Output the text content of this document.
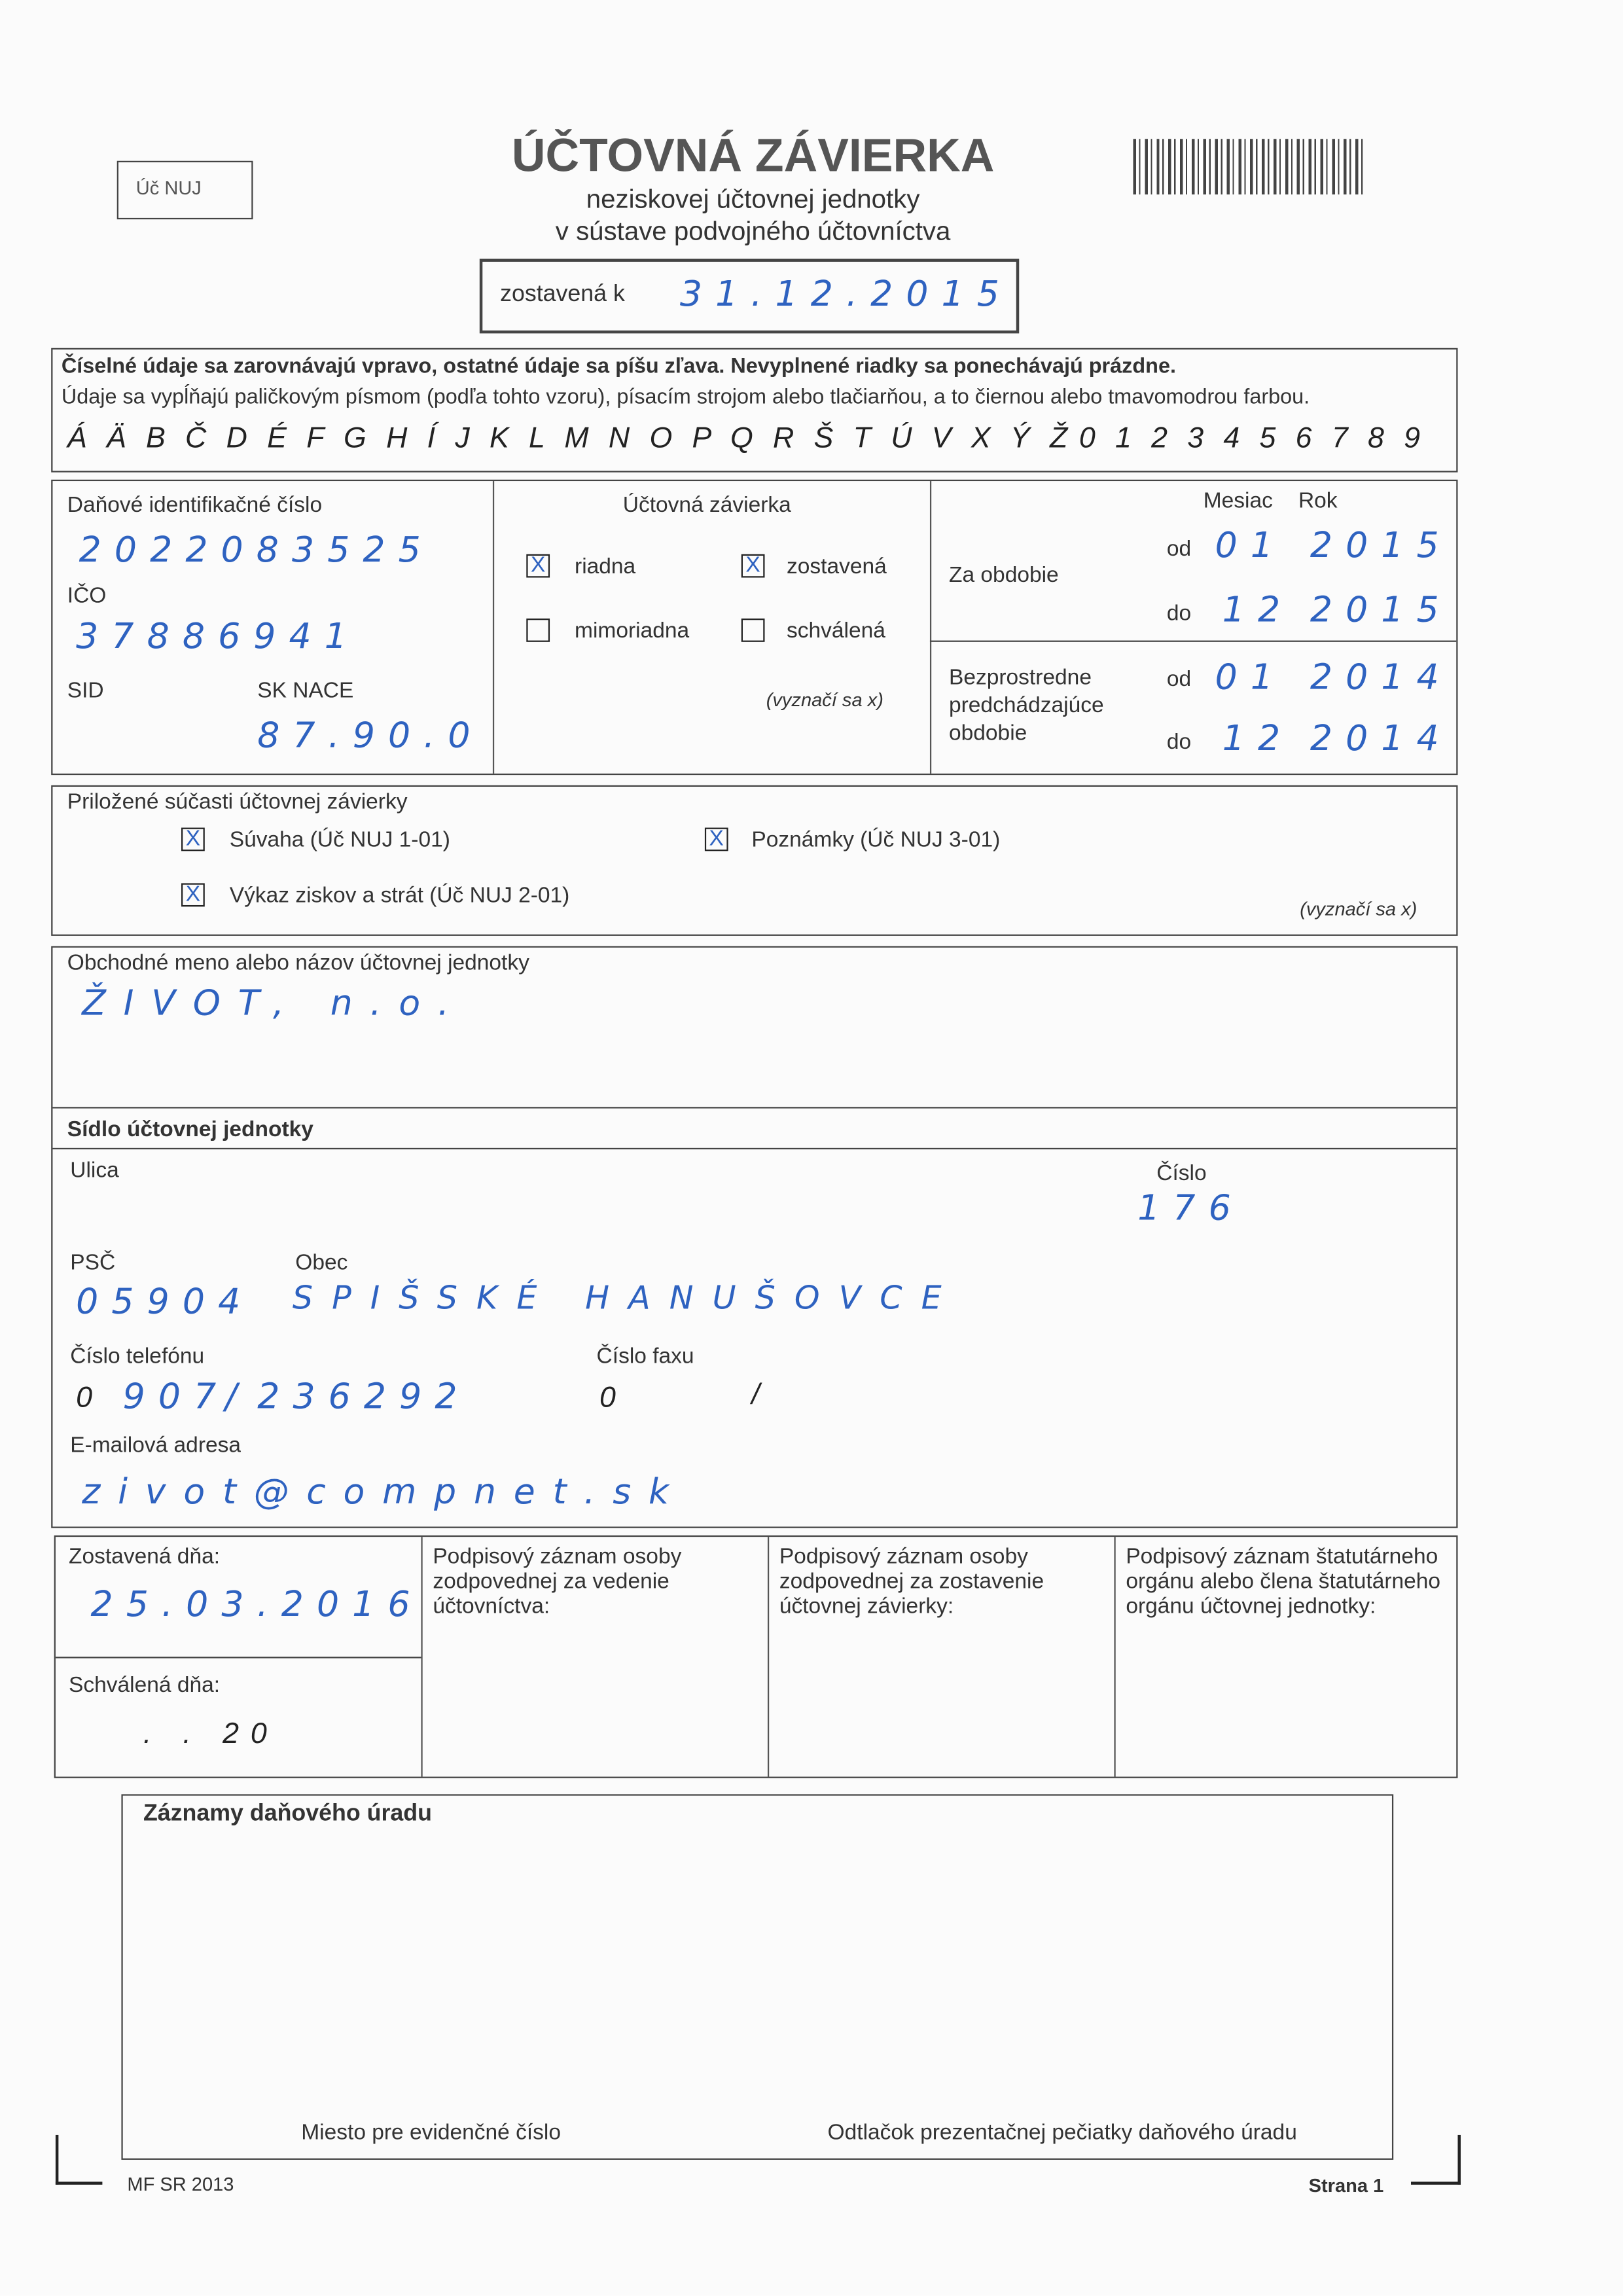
Úč NUJ
ÚČTOVNÁ ZÁVIERKA
neziskovej účtovnej jednotky
v sústave podvojného účtovníctva
zostavená k	31.12.2015
Číselné údaje sa zarovnávajú vpravo, ostatné údaje sa píšu zľava. Nevyplnené riadky sa ponechávajú prázdne.
Údaje sa vypĺňajú paličkovým písmom (podľa tohto vzoru), písacím strojom alebo tlačiarňou, a to čiernou alebo tmavomodrou farbou.
Á Ä B Č D É F G H Í J K L M N O P Q R Š T Ú V X Ý Ž 0 1 2 3 4 5 6 7 8 9
Daňové identifikačné číslo
2022083525
IČO
37886941
SID	SK NACE
87.90.0
Účtovná závierka
X	riadna	X	zostavená
mimoriadna	schválená
(vyznačí sa x)
Mesiac	Rok
Za obdobie
od 01 2015
do 12 2015
Bezprostredne
predchádzajúce
obdobie
od 01 2014
do 12 2014
Priložené súčasti účtovnej závierky
X	Súvaha (Úč NUJ 1-01)
X	Výkaz ziskov a strát (Úč NUJ 2-01)
X	Poznámky (Úč NUJ 3-01)
(vyznačí sa x)
Obchodné meno alebo názov účtovnej jednotky
ŽIVOT, n.o.
Sídlo účtovnej jednotky
Ulica	Číslo
176
PSČ
05904
Obec
SPIŠSKÉ HANUŠOVCE
Číslo telefónu
0 907
/ 236292
Číslo faxu
0	/
E-mailová adresa
zivot@compnet.sk
Zostavená dňa:
25.03.2016
Schválená dňa:
. . 20
Podpisový záznam osoby zodpovednej za vedenie účtovníctva:
Podpisový záznam osoby zodpovednej za zostavenie účtovnej závierky:
Podpisový záznam štatutárneho orgánu alebo člena štatutárneho orgánu účtovnej jednotky:
Záznamy daňového úradu
Miesto pre evidenčné číslo	Odtlačok prezentačnej pečiatky daňového úradu
MF SR 2013	Strana 1
